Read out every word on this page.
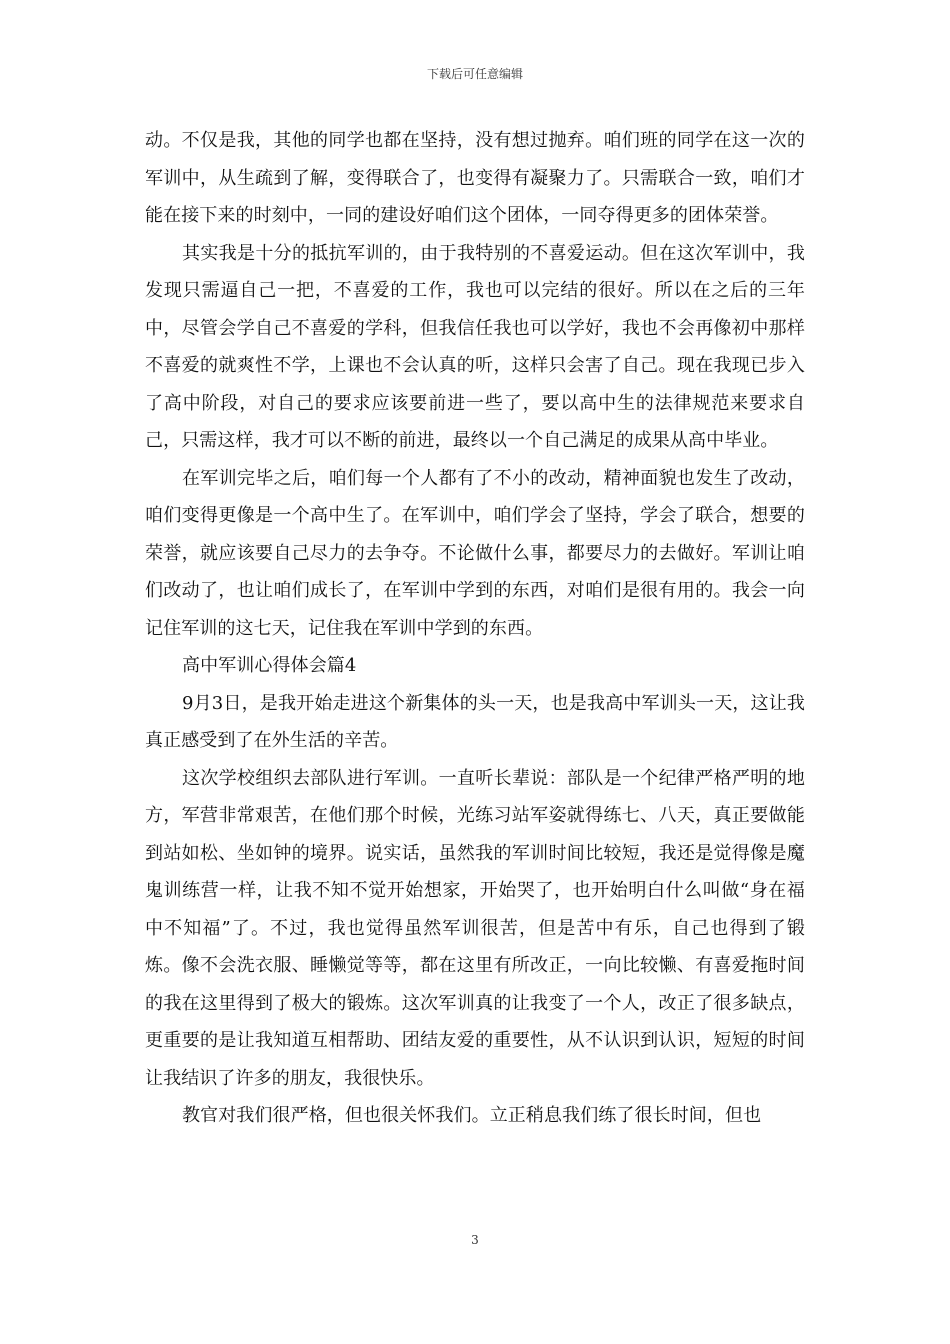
下载后可任意编辑

动。不仅是我，其他的同学也都在坚持，没有想过抛弃。咱们班的同学在这一次的军训中，从生疏到了解，变得联合了，也变得有凝聚力了。只需联合一致，咱们才能在接下来的时刻中，一同的建设好咱们这个团体，一同夺得更多的团体荣誉。

其实我是十分的抵抗军训的，由于我特别的不喜爱运动。但在这次军训中，我发现只需逼自己一把，不喜爱的工作，我也可以完结的很好。所以在之后的三年中，尽管会学自己不喜爱的学科，但我信任我也可以学好，我也不会再像初中那样不喜爱的就爽性不学，上课也不会认真的听，这样只会害了自己。现在我现已步入了高中阶段，对自己的要求应该要前进一些了，要以高中生的法律规范来要求自己，只需这样，我才可以不断的前进，最终以一个自己满足的成果从高中毕业。

在军训完毕之后，咱们每一个人都有了不小的改动，精神面貌也发生了改动，咱们变得更像是一个高中生了。在军训中，咱们学会了坚持，学会了联合，想要的荣誉，就应该要自己尽力的去争夺。不论做什么事，都要尽力的去做好。军训让咱们改动了，也让咱们成长了，在军训中学到的东西，对咱们是很有用的。我会一向记住军训的这七天，记住我在军训中学到的东西。

高中军训心得体会篇4

9月3日，是我开始走进这个新集体的头一天，也是我高中军训头一天，这让我真正感受到了在外生活的辛苦。

这次学校组织去部队进行军训。一直听长辈说：部队是一个纪律严格严明的地方，军营非常艰苦，在他们那个时候，光练习站军姿就得练七、八天，真正要做能到站如松、坐如钟的境界。说实话，虽然我的军训时间比较短，我还是觉得像是魔鬼训练营一样，让我不知不觉开始想家，开始哭了，也开始明白什么叫做“身在福中不知福”了。不过，我也觉得虽然军训很苦，但是苦中有乐，自己也得到了锻炼。像不会洗衣服、睡懒觉等等，都在这里有所改正，一向比较懒、有喜爱拖时间的我在这里得到了极大的锻炼。这次军训真的让我变了一个人，改正了很多缺点，更重要的是让我知道互相帮助、团结友爱的重要性，从不认识到认识，短短的时间让我结识了许多的朋友，我很快乐。

教官对我们很严格，但也很关怀我们。立正稍息我们练了很长时间，但也

3
